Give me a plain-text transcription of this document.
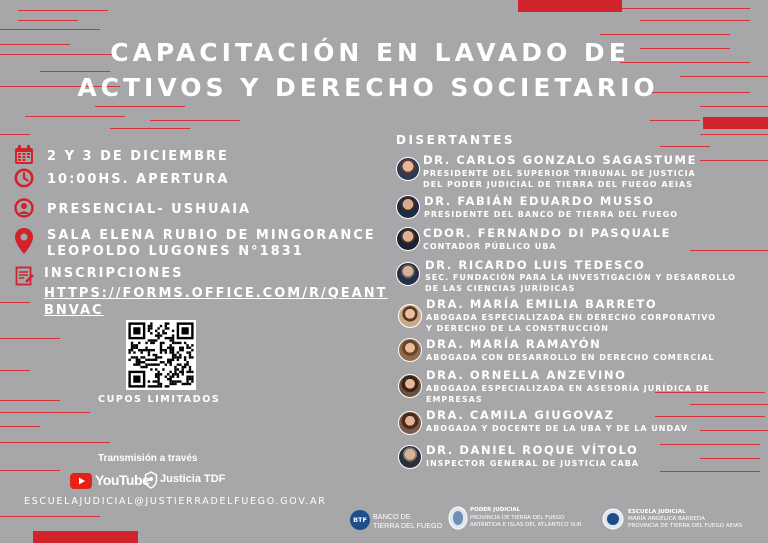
CAPACITACIÓN EN LAVADO DE
ACTIVOS Y DERECHO SOCIETARIO
2 Y 3 DE DICIEMBRE
10:00HS. APERTURA
PRESENCIAL- USHUAIA
SALA ELENA RUBIO DE MINGORANCE
LEOPOLDO LUGONES N°1831
INSCRIPCIONES
HTTPS://FORMS.OFFICE.COM/R/QEANT
BNVAC
CUPOS LIMITADOS
Transmisión a través
YouTube Justicia TDF
ESCUELAJUDICIAL@JUSTIERRADELFUEGO.GOV.AR
DISERTANTES
DR. CARLOS GONZALO SAGASTUME
PRESIDENTE DEL SUPERIOR TRIBUNAL DE JUSTICIA
DEL PODER JUDICIAL DE TIERRA DEL FUEGO AEIAS
DR. FABIÁN EDUARDO MUSSO
PRESIDENTE DEL BANCO DE TIERRA DEL FUEGO
CDOR. FERNANDO DI PASQUALE
CONTADOR PÚBLICO UBA
DR. RICARDO LUIS TEDESCO
SEC. FUNDACIÓN PARA LA INVESTIGACIÓN Y DESARROLLO
DE LAS CIENCIAS JURÍDICAS
DRA. MARÍA EMILIA BARRETO
ABOGADA ESPECIALIZADA EN DERECHO CORPORATIVO
Y DERECHO DE LA CONSTRUCCIÓN
DRA. MARÍA RAMAYÓN
ABOGADA CON DESARROLLO EN DERECHO COMERCIAL
DRA. ORNELLA ANZEVINO
ABOGADA ESPECIALIZADA EN ASESORÍA JURÍDICA DE
EMPRESAS
DRA. CAMILA GIUGOVAZ
ABOGADA Y DOCENTE DE LA UBA Y DE LA UNDAV
DR. DANIEL ROQUE VÍTOLO
INSPECTOR GENERAL DE JUSTICIA CABA
BTF BANCO DE
TIERRA DEL FUEGO
PODER JUDICIAL
PROVINCIA DE TIERRA DEL FUEGO
ANTÁRTIDA E ISLAS DEL ATLÁNTICO SUR
ESCUELA JUDICIAL
MARÍA ANGÉLICA BARREDA
PROVINCIA DE TIERRA DEL FUEGO AEIAS
